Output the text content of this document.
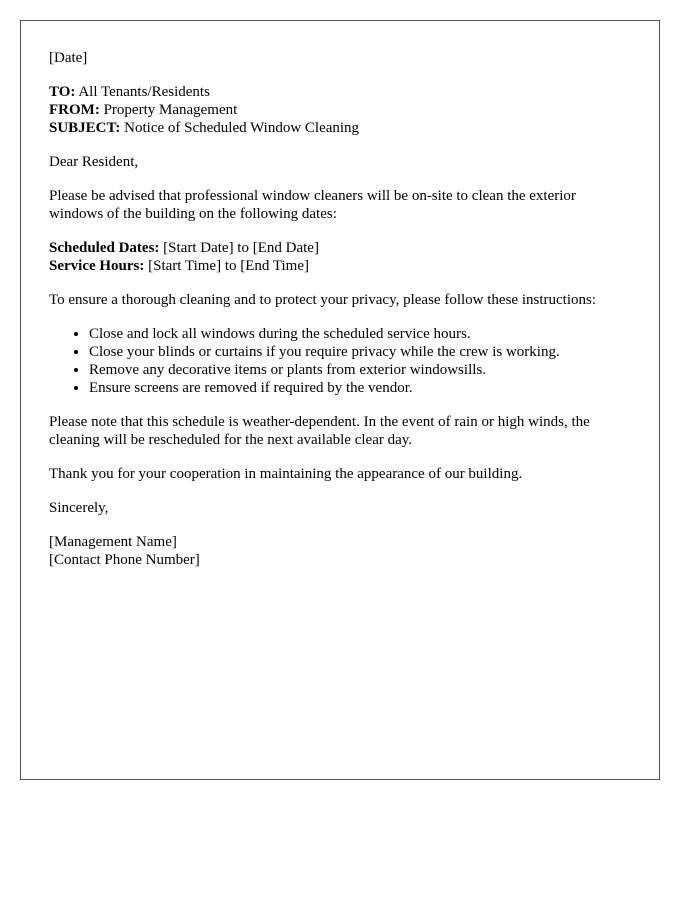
[Date]

TO: All Tenants/Residents
FROM: Property Management
SUBJECT: Notice of Scheduled Window Cleaning

Dear Resident,

Please be advised that professional window cleaners will be on-site to clean the exterior windows of the building on the following dates:

Scheduled Dates: [Start Date] to [End Date]
Service Hours: [Start Time] to [End Time]

To ensure a thorough cleaning and to protect your privacy, please follow these instructions:

• Close and lock all windows during the scheduled service hours.
• Close your blinds or curtains if you require privacy while the crew is working.
• Remove any decorative items or plants from exterior windowsills.
• Ensure screens are removed if required by the vendor.

Please note that this schedule is weather-dependent. In the event of rain or high winds, the cleaning will be rescheduled for the next available clear day.

Thank you for your cooperation in maintaining the appearance of our building.

Sincerely,

[Management Name]
[Contact Phone Number]
